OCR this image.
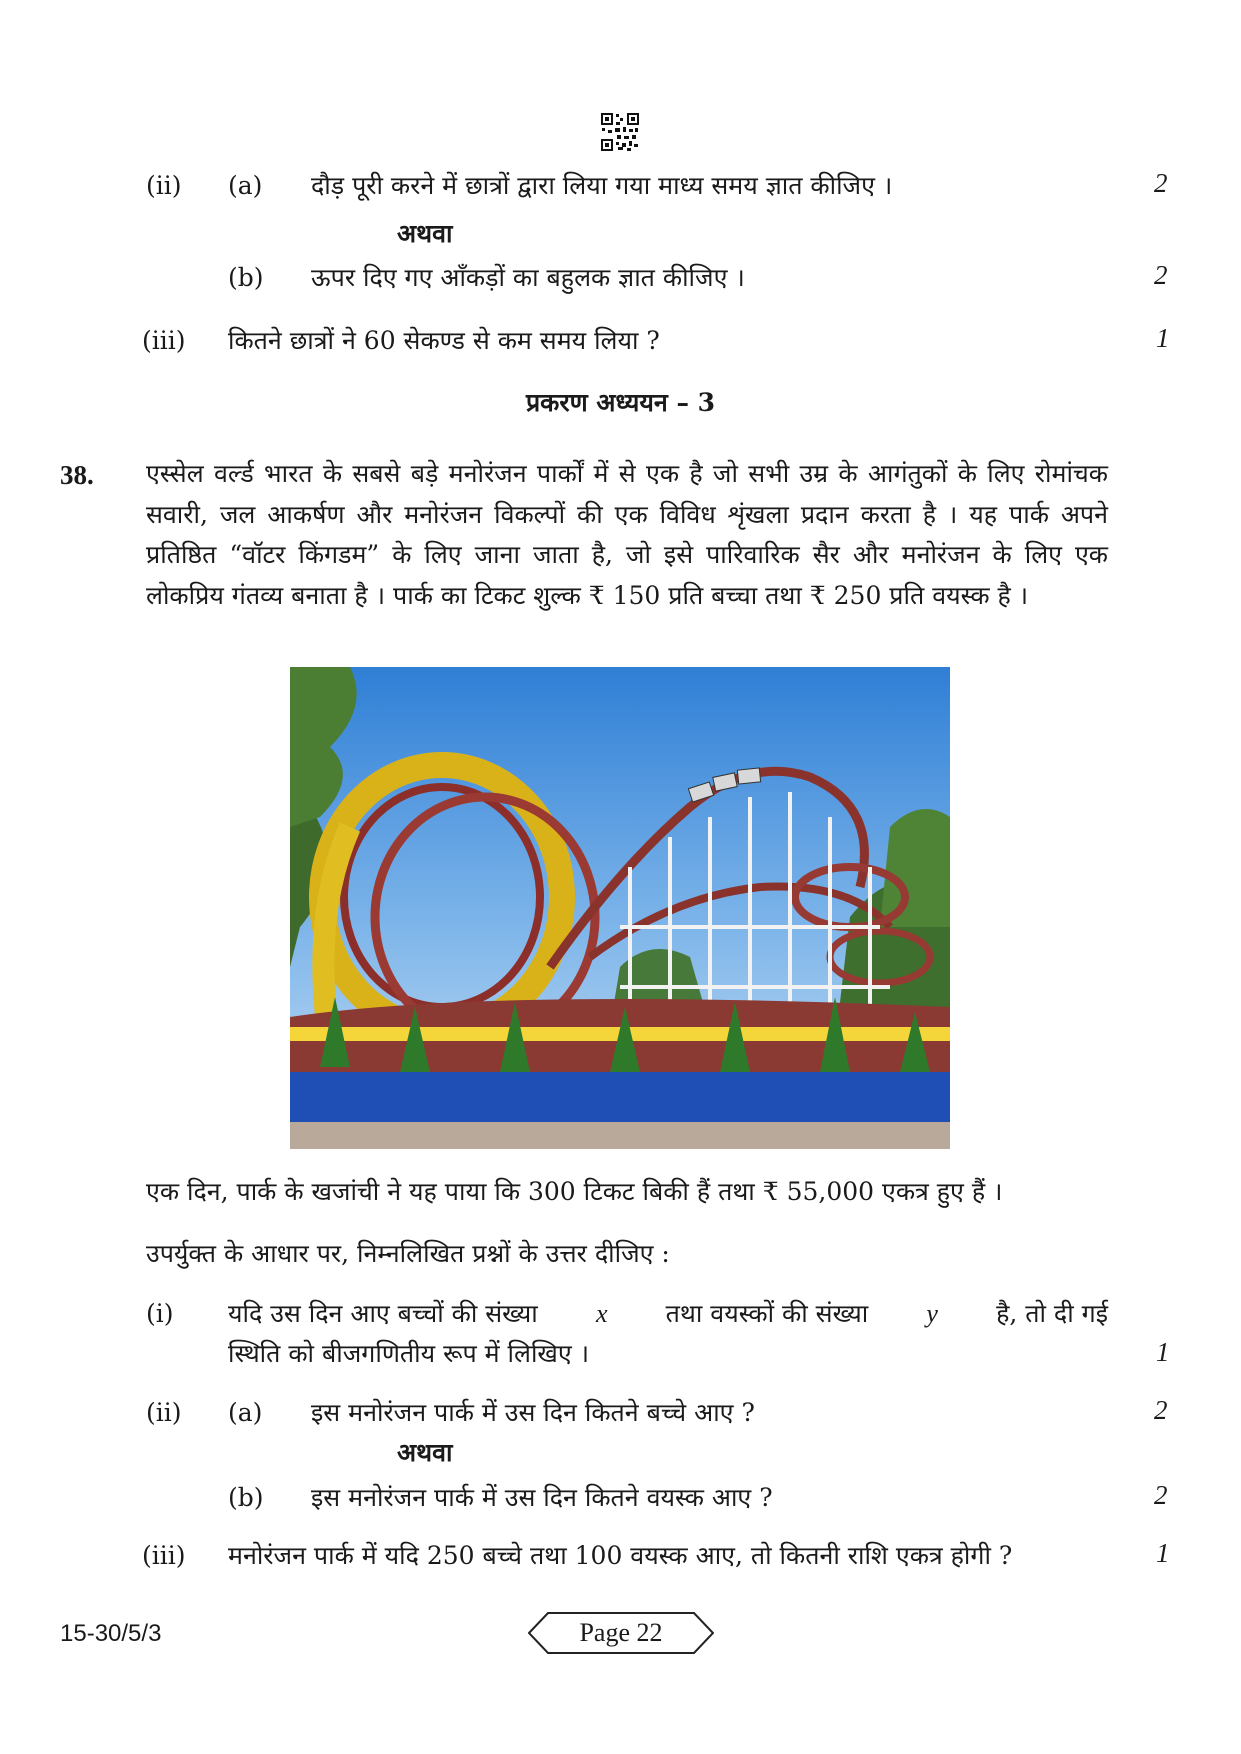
(ii) (a) दौड़ पूरी करने में छात्रों द्वारा लिया गया माध्य समय ज्ञात कीजिए ।	2
अथवा
(b) ऊपर दिए गए आँकड़ों का बहुलक ज्ञात कीजिए ।	2
(iii) कितने छात्रों ने 60 सेकण्ड से कम समय लिया ?	1
प्रकरण अध्ययन – 3
38. एस्सेल वर्ल्ड भारत के सबसे बड़े मनोरंजन पार्कों में से एक है जो सभी उम्र के आगंतुकों के लिए रोमांचक सवारी, जल आकर्षण और मनोरंजन विकल्पों की एक विविध शृंखला प्रदान करता है । यह पार्क अपने प्रतिष्ठित “वॉटर किंगडम” के लिए जाना जाता है, जो इसे पारिवारिक सैर और मनोरंजन के लिए एक लोकप्रिय गंतव्य बनाता है । पार्क का टिकट शुल्क ₹ 150 प्रति बच्चा तथा ₹ 250 प्रति वयस्क है ।
एक दिन, पार्क के खजांची ने यह पाया कि 300 टिकट बिकी हैं तथा ₹ 55,000 एकत्र हुए हैं ।
उपर्युक्त के आधार पर, निम्नलिखित प्रश्नों के उत्तर दीजिए :
(i) यदि उस दिन आए बच्चों की संख्या x तथा वयस्कों की संख्या y है, तो दी गई
स्थिति को बीजगणितीय रूप में लिखिए ।	1
(ii) (a) इस मनोरंजन पार्क में उस दिन कितने बच्चे आए ?	2
अथवा
(b) इस मनोरंजन पार्क में उस दिन कितने वयस्क आए ?	2
(iii) मनोरंजन पार्क में यदि 250 बच्चे तथा 100 वयस्क आए, तो कितनी राशि एकत्र होगी ?	1
15-30/5/3	Page 22
